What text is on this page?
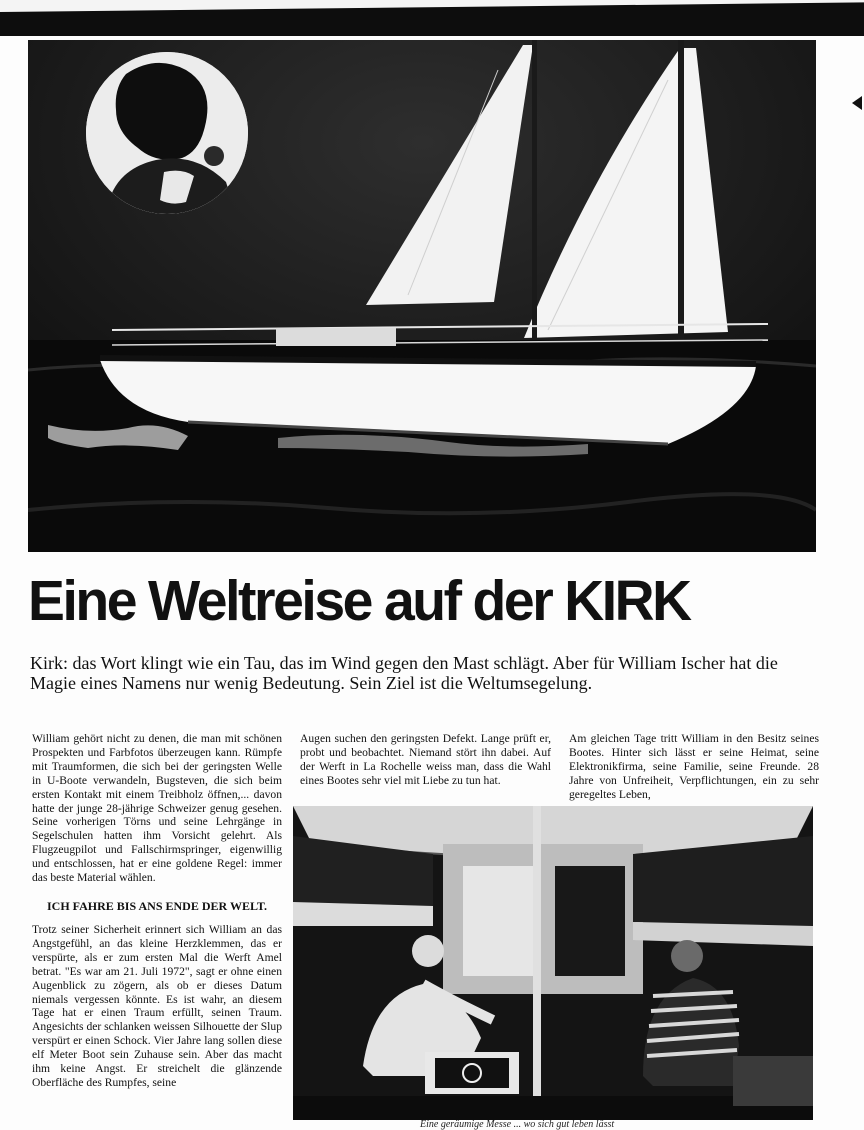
Eine Weltreise auf der KIRK

Kirk: das Wort klingt wie ein Tau, das im Wind gegen den Mast schlägt. Aber für William Ischer hat die Magie eines Namens nur wenig Bedeutung. Sein Ziel ist die Weltumsegelung.

William gehört nicht zu denen, die man mit schönen Prospekten und Farbfotos überzeugen kann. Rümpfe mit Traumformen, die sich bei der geringsten Welle in U-Boote verwandeln, Bugsteven, die sich beim ersten Kontakt mit einem Treibholz öffnen,... davon hatte der junge 28-jährige Schweizer genug gesehen. Seine vorherigen Törns und seine Lehrgänge in Segelschulen hatten ihm Vorsicht gelehrt. Als Flugzeugpilot und Fallschirmspringer, eigenwillig und entschlossen, hat er eine goldene Regel: immer das beste Material wählen.

ICH FAHRE BIS ANS ENDE DER WELT.

Trotz seiner Sicherheit erinnert sich William an das Angstgefühl, an das kleine Herzklemmen, das er verspürte, als er zum ersten Mal die Werft Amel betrat. "Es war am 21. Juli 1972", sagt er ohne einen Augenblick zu zögern, als ob er dieses Datum niemals vergessen könnte. Es ist wahr, an diesem Tage hat er einen Traum erfüllt, seinen Traum. Angesichts der schlanken weissen Silhouette der Slup verspürt er einen Schock. Vier Jahre lang sollen diese elf Meter Boot sein Zuhause sein. Aber das macht ihm keine Angst. Er streichelt die glänzende Oberfläche des Rumpfes, seine

Augen suchen den geringsten Defekt. Lange prüft er, probt und beobachtet. Niemand stört ihn dabei. Auf der Werft in La Rochelle weiss man, dass die Wahl eines Bootes sehr viel mit Liebe zu tun hat.

Am gleichen Tage tritt William in den Besitz seines Bootes. Hinter sich lässt er seine Heimat, seine Elektronikfirma, seine Familie, seine Freunde. 28 Jahre von Unfreiheit, Verpflichtungen, ein zu sehr geregeltes Leben,

Eine geräumige Messe ... wo sich gut leben lässt
